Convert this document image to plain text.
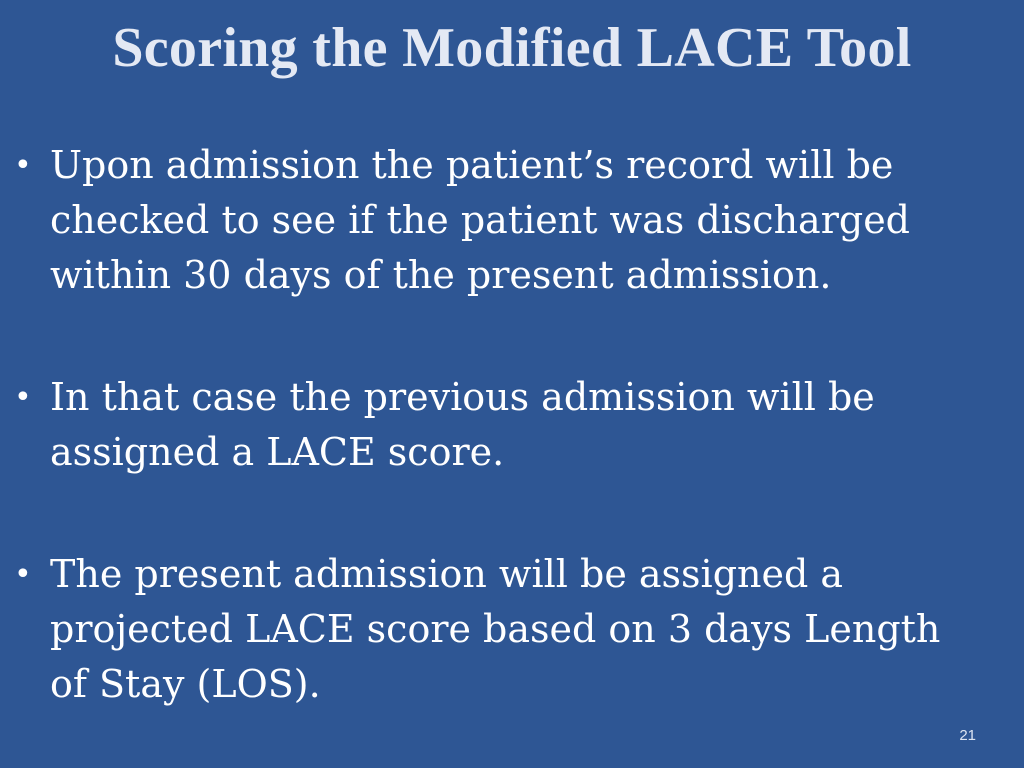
Scoring the Modified LACE Tool
• Upon admission the patient’s record will be checked to see if the patient was discharged within 30 days of the present admission.
• In that case the previous admission will be assigned a LACE score.
• The present admission will be assigned a projected LACE score based on 3 days Length of Stay (LOS).
21
